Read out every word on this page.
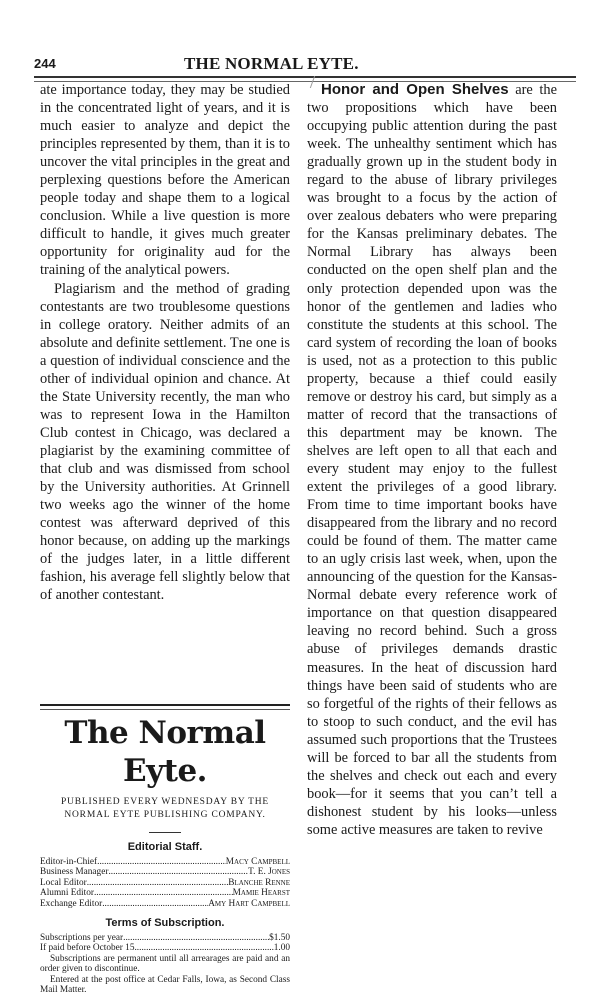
244	THE NORMAL EYTE.

ate importance today, they may be studied in the concentrated light of years, and it is much easier to analyze and depict the principles represented by them, than it is to uncover the vital principles in the great and perplexing questions before the American people today and shape them to a logical conclusion. While a live question is more difficult to handle, it gives much greater opportunity for originality aud for the training of the analytical powers.

Plagiarism and the method of grading contestants are two troublesome questions in college oratory. Neither admits of an absolute and definite settlement. Tne one is a question of individual conscience and the other of individual opinion and chance. At the State University recently, the man who was to represent Iowa in the Hamilton Club contest in Chicago, was declared a plagiarist by the examining committee of that club and was dismissed from school by the University authorities. At Grinnell two weeks ago the winner of the home contest was afterward deprived of this honor because, on adding up the markings of the judges later, in a little different fashion, his average fell slightly below that of another contestant.

The Normal Eyte.
PUBLISHED EVERY WEDNESDAY BY THE
NORMAL EYTE PUBLISHING COMPANY.
Editorial Staff.
Editor-in-Chief .....	Macy Campbell
Business Manager .....	T. E. Jones
Local Editor .....	Blanche Renne
Alumni Editor .....	Mamie Hearst
Exchange Editor .....	Amy Hart Campbell
Terms of Subscription.
Subscriptions per year .....	$1.50
If paid before October 15 .....	1.00
Subscriptions are permanent until all arrearages are paid and an order given to discontinue.
Entered at the post office at Cedar Falls, Iowa, as Second Class Mail Matter.

Honor and Open Shelves are the two propositions which have been occupying public attention during the past week. The unhealthy sentiment which has gradually grown up in the student body in regard to the abuse of library privileges was brought to a focus by the action of over zealous debaters who were preparing for the Kansas preliminary debates. The Normal Library has always been conducted on the open shelf plan and the only protection depended upon was the honor of the gentlemen and ladies who constitute the students at this school. The card system of recording the loan of books is used, not as a protection to this public property, because a thief could easily remove or destroy his card, but simply as a matter of record that the transactions of this department may be known. The shelves are left open to all that each and every student may enjoy to the fullest extent the privileges of a good library. From time to time important books have disappeared from the library and no record could be found of them. The matter came to an ugly crisis last week, when, upon the announcing of the question for the Kansas-Normal debate every reference work of importance on that question disappeared leaving no record behind. Such a gross abuse of privileges demands drastic measures. In the heat of discussion hard things have been said of students who are so forgetful of the rights of their fellows as to stoop to such conduct, and the evil has assumed such proportions that the Trustees will be forced to bar all the students from the shelves and check out each and every book—for it seems that you can’t tell a dishonest student by his looks—unless some active measures are taken to revive
